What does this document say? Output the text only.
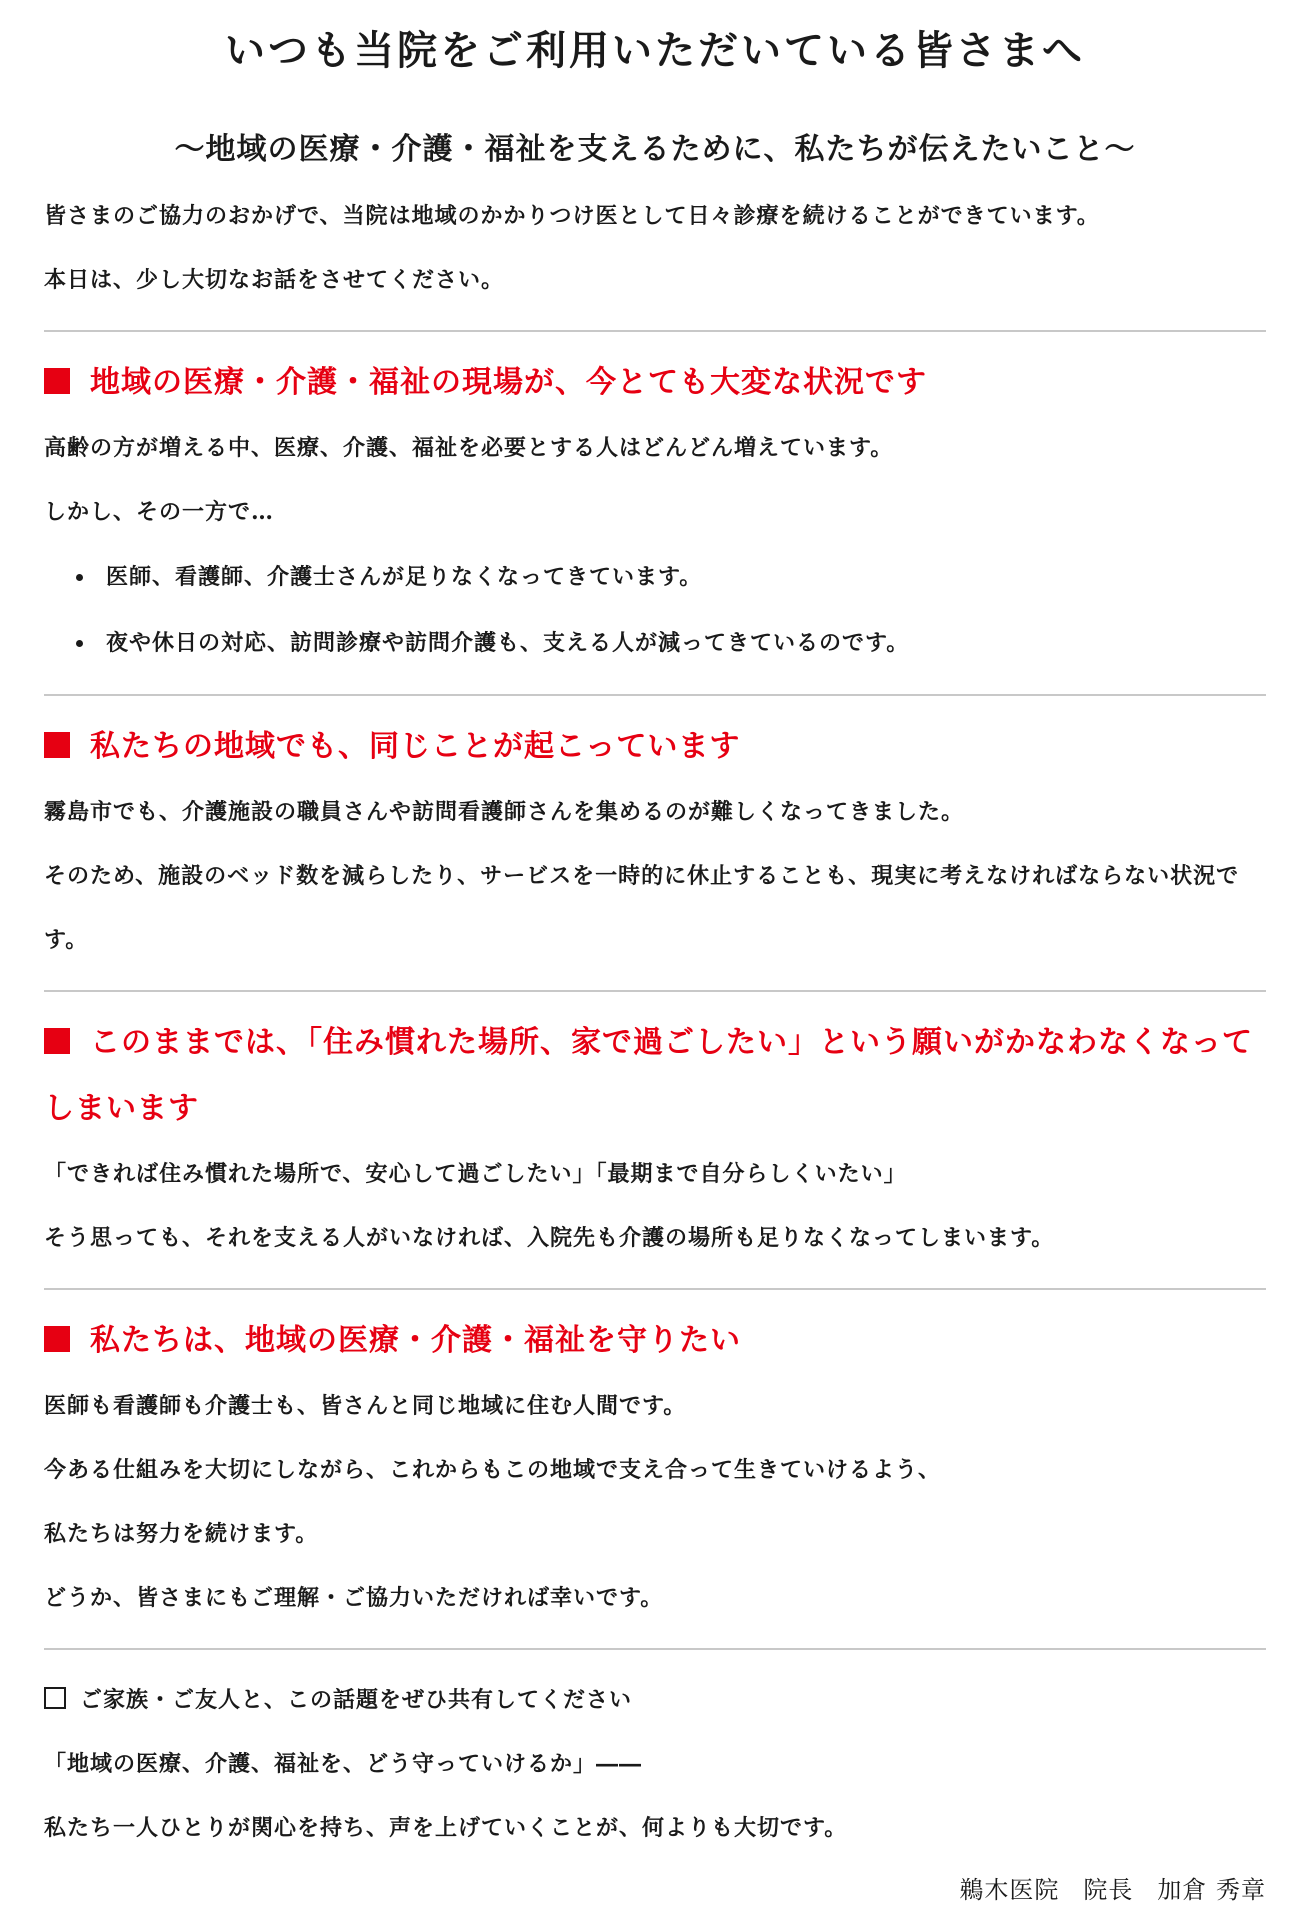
いつも当院をご利用いただいている皆さまへ
〜地域の医療・介護・福祉を支えるために、私たちが伝えたいこと〜

皆さまのご協力のおかげで、当院は地域のかかりつけ医として日々診療を続けることができています。

本日は、少し大切なお話をさせてください。

地域の医療・介護・福祉の現場が、今とても大変な状況です

高齢の方が増える中、医療、介護、福祉を必要とする人はどんどん増えています。

しかし、その一方で…

医師、看護師、介護士さんが足りなくなってきています。
夜や休日の対応、訪問診療や訪問介護も、支える人が減ってきているのです。
私たちの地域でも、同じことが起こっています

霧島市でも、介護施設の職員さんや訪問看護師さんを集めるのが難しくなってきました。

そのため、施設のベッド数を減らしたり、サービスを一時的に休止することも、現実に考えなければならない状況です。

このままでは、「住み慣れた場所、家で過ごしたい」という願いがかなわなくなってしまいます

「できれば住み慣れた場所で、安心して過ごしたい」「最期まで自分らしくいたい」

そう思っても、それを支える人がいなければ、入院先も介護の場所も足りなくなってしまいます。

私たちは、地域の医療・介護・福祉を守りたい

医師も看護師も介護士も、皆さんと同じ地域に住む人間です。

今ある仕組みを大切にしながら、これからもこの地域で支え合って生きていけるよう、

私たちは努力を続けます。

どうか、皆さまにもご理解・ご協力いただければ幸いです。

ご家族・ご友人と、この話題をぜひ共有してください

「地域の医療、介護、福祉を、どう守っていけるか」――

私たち一人ひとりが関心を持ち、声を上げていくことが、何よりも大切です。

鵜木医院 院長 加倉 秀章
